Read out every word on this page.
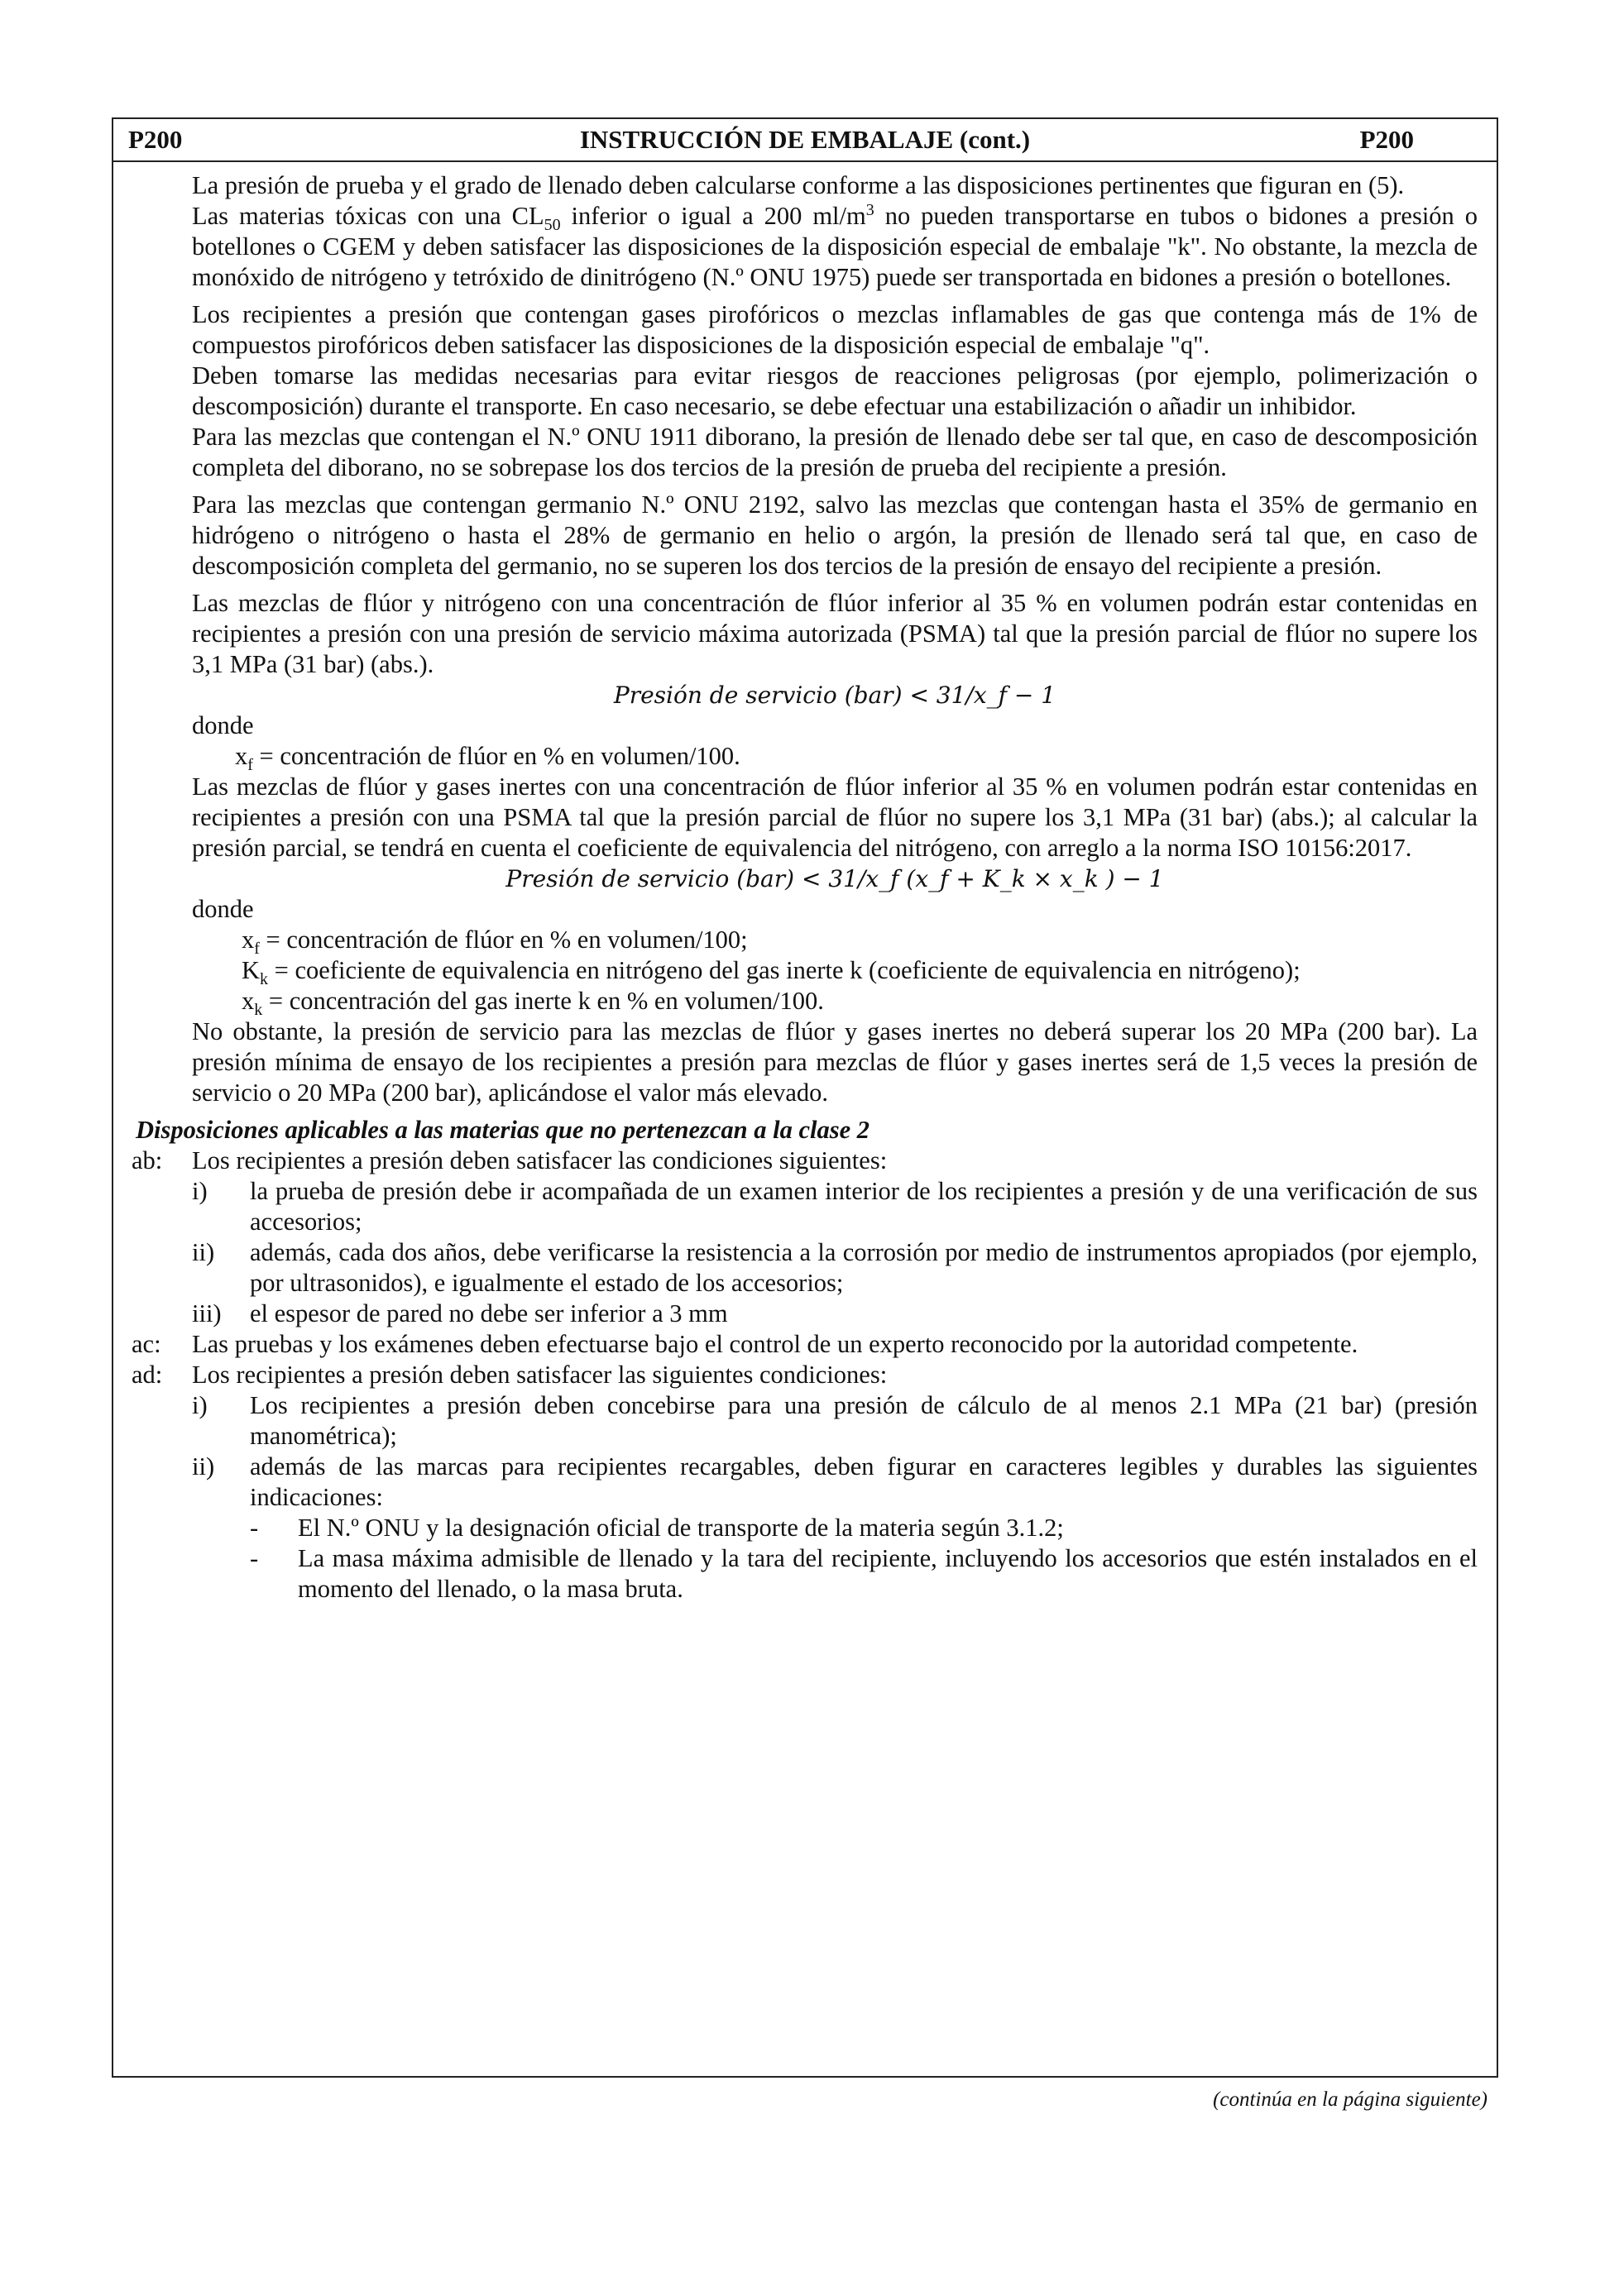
P200	INSTRUCCIÓN DE EMBALAJE (cont.)	P200

La presión de prueba y el grado de llenado deben calcularse conforme a las disposiciones pertinentes que figuran en (5).

Las materias tóxicas con una $CL_{50}$ inferior o igual a 200 $ml/m^3$ no pueden transportarse en tubos o bidones a presión o botellones o CGEM y deben satisfacer las disposiciones de la disposición especial de embalaje "k". No obstante, la mezcla de monóxido de nitrógeno y tetróxido de dinitrógeno (N.º ONU 1975) puede ser transportada en bidones a presión o botellones.

Los recipientes a presión que contengan gases pirofóricos o mezclas inflamables de gas que contenga más de 1% de compuestos pirofóricos deben satisfacer las disposiciones de la disposición especial de embalaje "q".

Deben tomarse las medidas necesarias para evitar riesgos de reacciones peligrosas (por ejemplo, polimerización o descomposición) durante el transporte. En caso necesario, se debe efectuar una estabilización o añadir un inhibidor.

Para las mezclas que contengan el N.º ONU 1911 diborano, la presión de llenado debe ser tal que, en caso de descomposición completa del diborano, no se sobrepase los dos tercios de la presión de prueba del recipiente a presión.

Para las mezclas que contengan germanio N.º ONU 2192, salvo las mezclas que contengan hasta el 35% de germanio en hidrógeno o nitrógeno o hasta el 28% de germanio en helio o argón, la presión de llenado será tal que, en caso de descomposición completa del germanio, no se superen los dos tercios de la presión de ensayo del recipiente a presión.

Las mezclas de flúor y nitrógeno con una concentración de flúor inferior al 35 % en volumen podrán estar contenidas en recipientes a presión con una presión de servicio máxima autorizada (PSMA) tal que la presión parcial de flúor no supere los 3,1 MPa (31 bar) (abs.).

Presión de servicio (bar) < 31/x_f − 1

donde

$x_f$ = concentración de flúor en % en volumen/100.

Las mezclas de flúor y gases inertes con una concentración de flúor inferior al 35 % en volumen podrán estar contenidas en recipientes a presión con una PSMA tal que la presión parcial de flúor no supere los 3,1 MPa (31 bar) (abs.); al calcular la presión parcial, se tendrá en cuenta el coeficiente de equivalencia del nitrógeno, con arreglo a la norma ISO 10156:2017.

Presión de servicio (bar) < 31/x_f (x_f + K_k × x_k ) − 1

donde

$x_f$ = concentración de flúor en % en volumen/100;

$K_k$ = coeficiente de equivalencia en nitrógeno del gas inerte k (coeficiente de equivalencia en nitrógeno);

$x_k$ = concentración del gas inerte k en % en volumen/100.

No obstante, la presión de servicio para las mezclas de flúor y gases inertes no deberá superar los 20 MPa (200 bar). La presión mínima de ensayo de los recipientes a presión para mezclas de flúor y gases inertes será de 1,5 veces la presión de servicio o 20 MPa (200 bar), aplicándose el valor más elevado.

Disposiciones aplicables a las materias que no pertenezcan a la clase 2

ab: Los recipientes a presión deben satisfacer las condiciones siguientes:
i) la prueba de presión debe ir acompañada de un examen interior de los recipientes a presión y de una verificación de sus accesorios;
ii) además, cada dos años, debe verificarse la resistencia a la corrosión por medio de instrumentos apropiados (por ejemplo, por ultrasonidos), e igualmente el estado de los accesorios;
iii) el espesor de pared no debe ser inferior a 3 mm
ac: Las pruebas y los exámenes deben efectuarse bajo el control de un experto reconocido por la autoridad competente.
ad: Los recipientes a presión deben satisfacer las siguientes condiciones:
i) Los recipientes a presión deben concebirse para una presión de cálculo de al menos 2.1 MPa (21 bar) (presión manométrica);
ii) además de las marcas para recipientes recargables, deben figurar en caracteres legibles y durables las siguientes indicaciones:
- El N.º ONU y la designación oficial de transporte de la materia según 3.1.2;
- La masa máxima admisible de llenado y la tara del recipiente, incluyendo los accesorios que estén instalados en el momento del llenado, o la masa bruta.
(continúa en la página siguiente)
